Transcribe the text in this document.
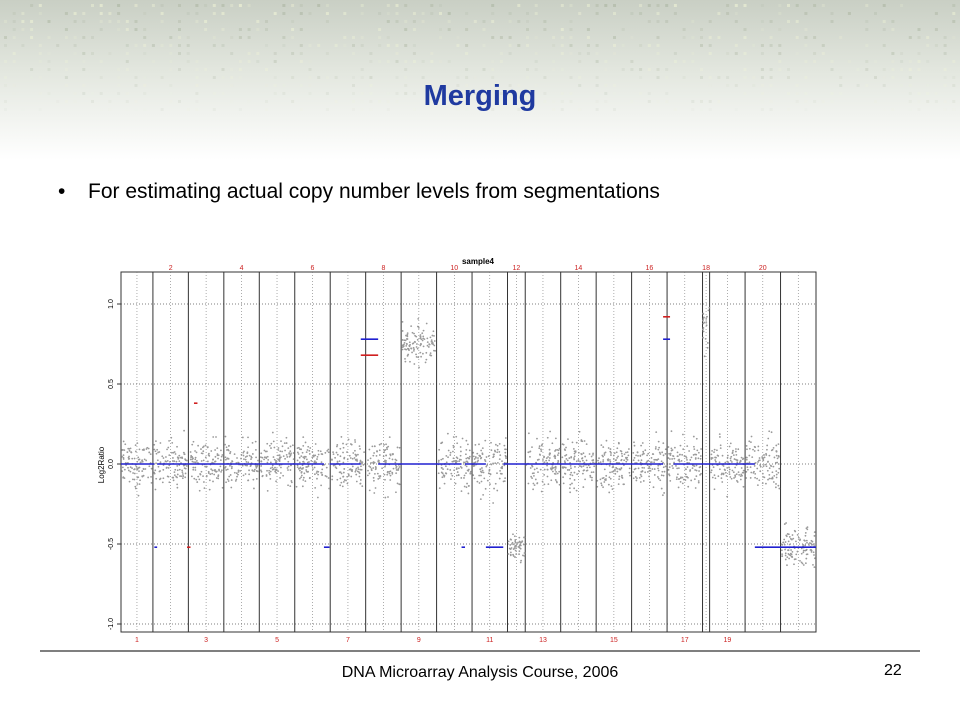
Merging
• For estimating actual copy number levels from segmentations
sample4
Log2Ratio
-1.0
-0.5
0.0
0.5
1.0
1	3	5	7	9	11	13	15	17	19
2	4	6	8	10	12	14	16	18	20
DNA Microarray Analysis Course, 2006	22
